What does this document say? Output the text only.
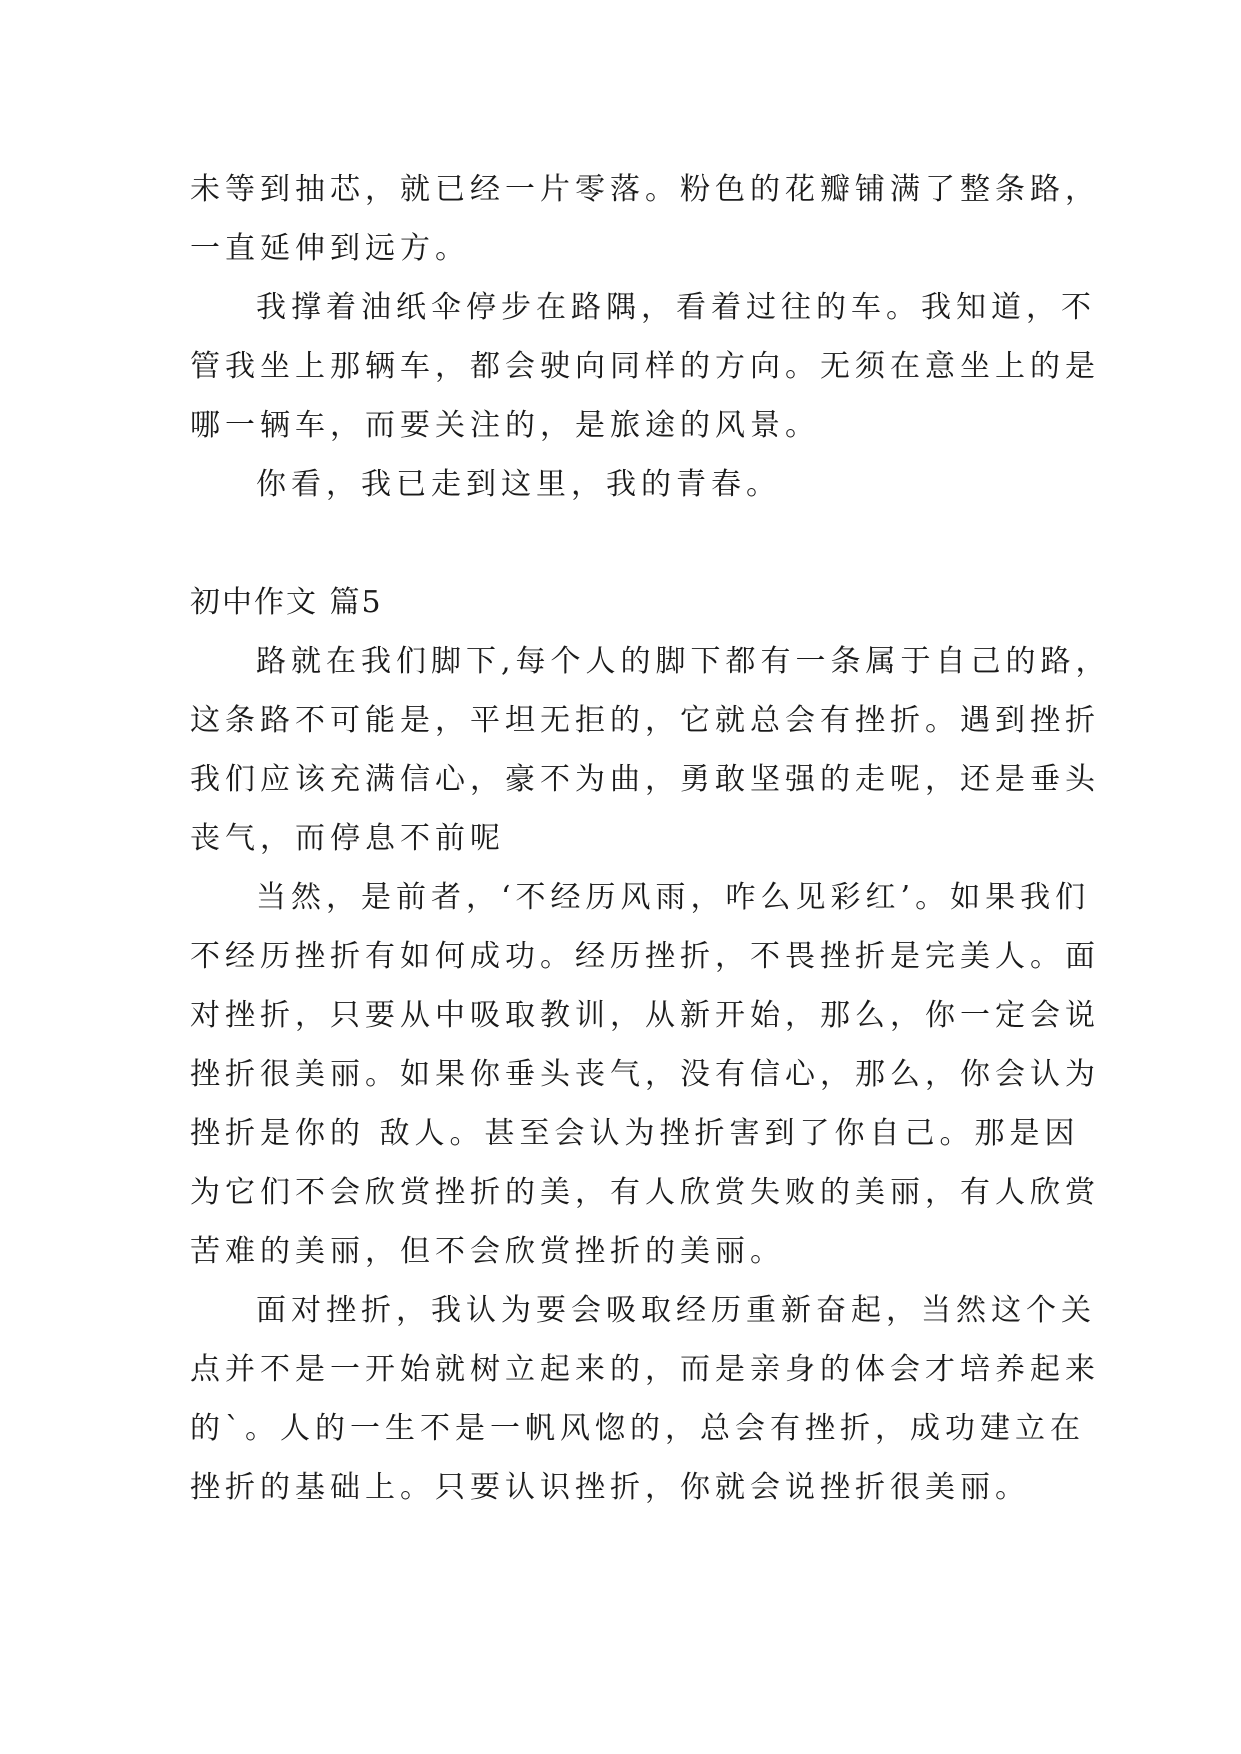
未等到抽芯，就已经一片零落。粉色的花瓣铺满了整条路，

一直延伸到远方。

我撑着油纸伞停步在路隅，看着过往的车。我知道，不

管我坐上那辆车，都会驶向同样的方向。无须在意坐上的是

哪一辆车，而要关注的，是旅途的风景。

你看，我已走到这里，我的青春。

初中作文 篇5

路就在我们脚下,每个人的脚下都有一条属于自己的路，

这条路不可能是，平坦无拒的，它就总会有挫折。遇到挫折

我们应该充满信心，豪不为曲，勇敢坚强的走呢，还是垂头

丧气，而停息不前呢

当然，是前者，‘不经历风雨，咋么见彩红’。如果我们

不经历挫折有如何成功。经历挫折，不畏挫折是完美人。面

对挫折，只要从中吸取教训，从新开始，那么，你一定会说

挫折很美丽。如果你垂头丧气，没有信心，那么，你会认为

挫折是你的 敌人。甚至会认为挫折害到了你自己。那是因

为它们不会欣赏挫折的美，有人欣赏失败的美丽，有人欣赏

苦难的美丽，但不会欣赏挫折的美丽。

面对挫折，我认为要会吸取经历重新奋起，当然这个关

点并不是一开始就树立起来的，而是亲身的体会才培养起来

的`。人的一生不是一帆风惚的，总会有挫折，成功建立在

挫折的基础上。只要认识挫折，你就会说挫折很美丽。
